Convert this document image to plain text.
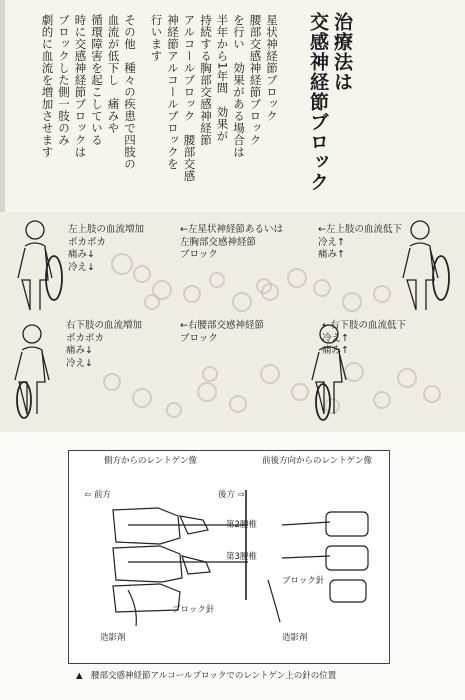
治療法は
交感神経節ブロック
星状神経節ブロック
腰部交感神経節ブロック
を行い　効果がある場合は
半年から1年間　効果が
持続する胸部交感神経節
アルコールブロック　腰部交感
神経節アルコールブロックを
行います
その他　種々の疾患で四肢の
血流が低下し　痛みや
循環障害を起こしている
時に交感神経節ブロックは
ブロックした側一肢のみ
劇的に血流を増加させます
左上肢の血流増加
ポカポカ
痛み↓
冷え↓
←左星状神経節あるいは
左胸部交感神経節
ブロック
←左上肢の血流低下
冷え↑
痛み↑
右下肢の血流増加
ポカポカ
痛み↓
冷え↓
←右腰部交感神経節
ブロック
←右下肢の血流低下
冷え↑
痛み↑
側方からのレントゲン像	前後方向からのレントゲン像
⇦ 前方	後方 ⇨
第2腰椎
第3腰椎
ブロック針
ブロック針
造影剤	造影剤
▲　腰部交感神経節アルコールブロックでのレントゲン上の針の位置
